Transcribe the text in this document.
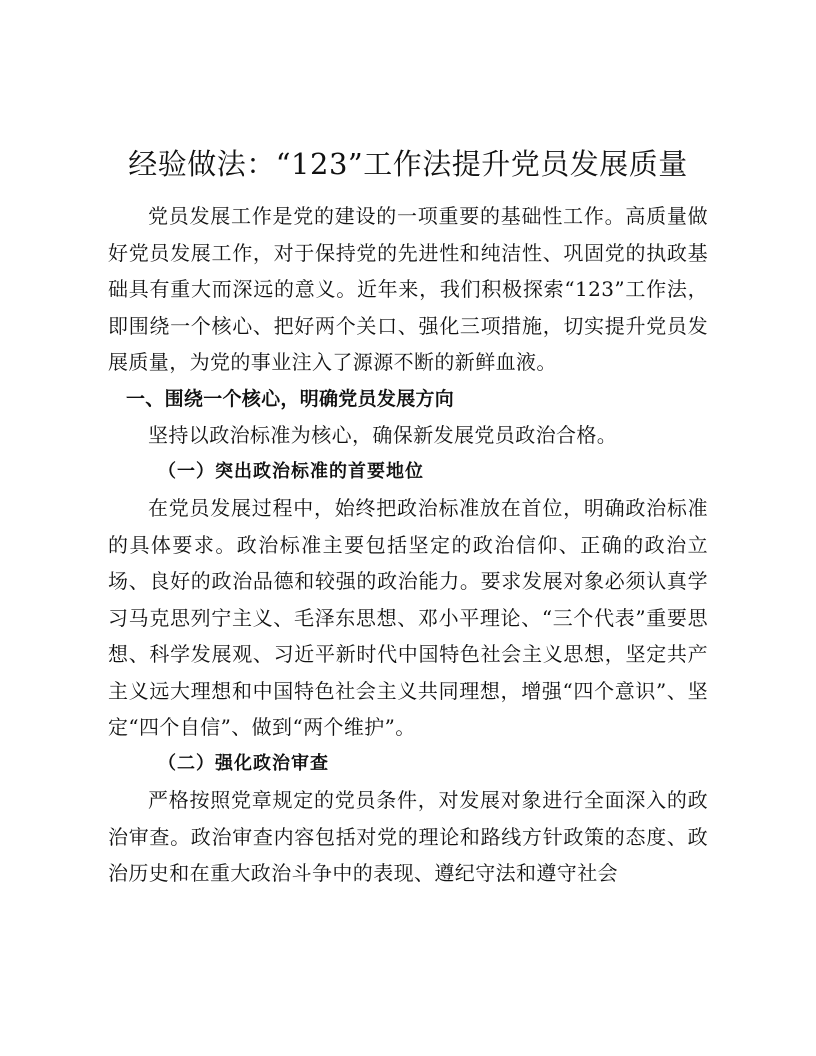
经验做法：“123”工作法提升党员发展质量

党员发展工作是党的建设的一项重要的基础性工作。高质量做好党员发展工作，对于保持党的先进性和纯洁性、巩固党的执政基础具有重大而深远的意义。近年来，我们积极探索“123”工作法，即围绕一个核心、把好两个关口、强化三项措施，切实提升党员发展质量，为党的事业注入了源源不断的新鲜血液。

一、围绕一个核心，明确党员发展方向

坚持以政治标准为核心，确保新发展党员政治合格。

（一）突出政治标准的首要地位

在党员发展过程中，始终把政治标准放在首位，明确政治标准的具体要求。政治标准主要包括坚定的政治信仰、正确的政治立场、良好的政治品德和较强的政治能力。要求发展对象必须认真学习马克思列宁主义、毛泽东思想、邓小平理论、“三个代表”重要思想、科学发展观、习近平新时代中国特色社会主义思想，坚定共产主义远大理想和中国特色社会主义共同理想，增强“四个意识”、坚定“四个自信”、做到“两个维护”。

（二）强化政治审查

严格按照党章规定的党员条件，对发展对象进行全面深入的政治审查。政治审查内容包括对党的理论和路线方针政策的态度、政治历史和在重大政治斗争中的表现、遵纪守法和遵守社会
